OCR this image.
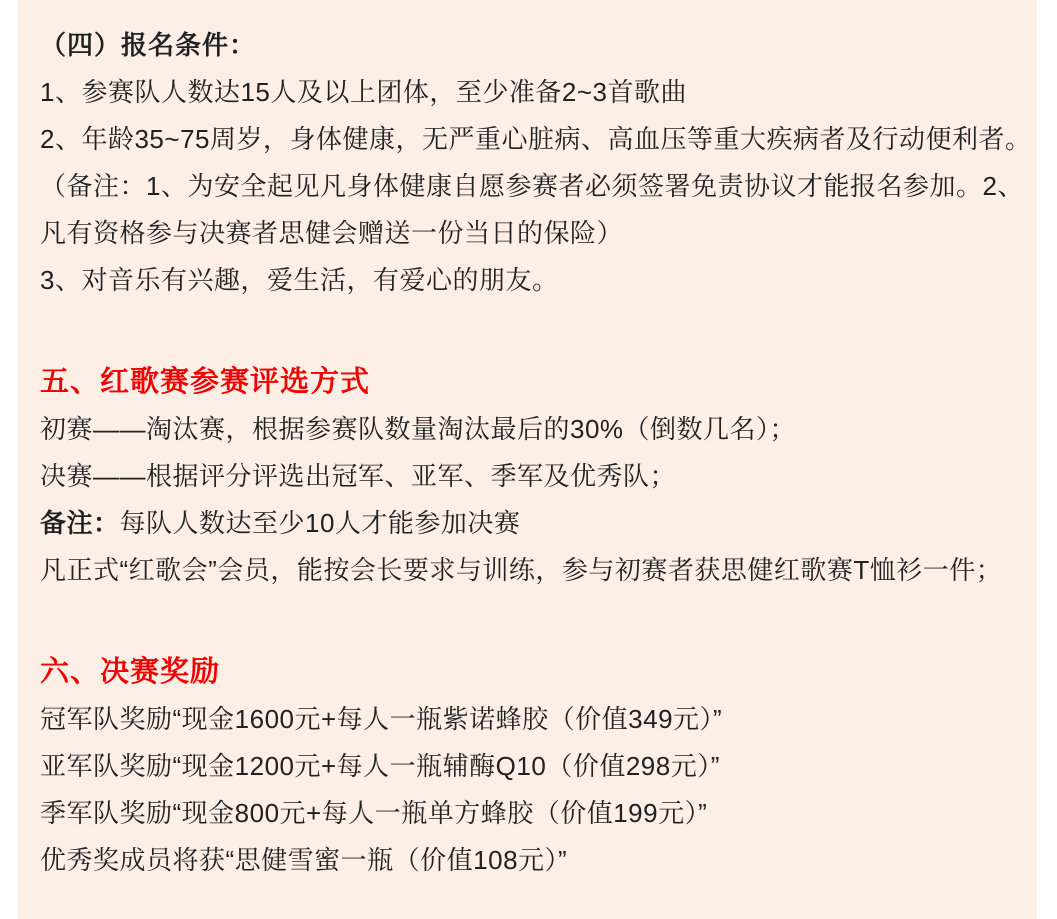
（四）报名条件：

1、参赛队人数达15人及以上团体，至少准备2~3首歌曲

2、年龄35~75周岁，身体健康，无严重心脏病、高血压等重大疾病者及行动便利者。

（备注：1、为安全起见凡身体健康自愿参赛者必须签署免责协议才能报名参加。2、

凡有资格参与决赛者思健会赠送一份当日的保险）

3、对音乐有兴趣，爱生活，有爱心的朋友。

五、红歌赛参赛评选方式

初赛——淘汰赛，根据参赛队数量淘汰最后的30%（倒数几名）；

决赛——根据评分评选出冠军、亚军、季军及优秀队；

备注：每队人数达至少10人才能参加决赛

凡正式“红歌会”会员，能按会长要求与训练，参与初赛者获思健红歌赛T恤衫一件；

六、决赛奖励

冠军队奖励“现金1600元+每人一瓶紫诺蜂胶（价值349元）”

亚军队奖励“现金1200元+每人一瓶辅酶Q10（价值298元）”

季军队奖励“现金800元+每人一瓶单方蜂胶（价值199元）”

优秀奖成员将获“思健雪蜜一瓶（价值108元）”
